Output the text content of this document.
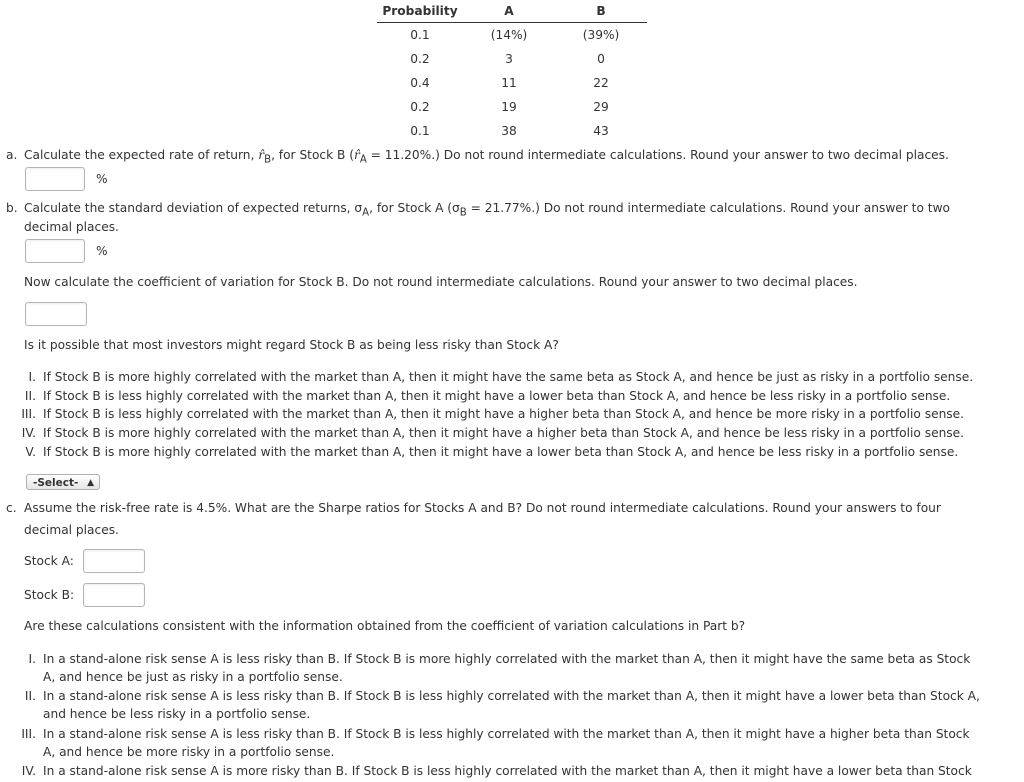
Probability	A	B
0.1	(14%)	(39%)
0.2	3	0
0.4	11	22
0.2	19	29
0.1	38	43
a. Calculate the expected rate of return, $r̂_B$, for Stock B $(r̂_A = 11.20\%.)$ Do not round intermediate calculations. Round your answer to two decimal places.
%
b. Calculate the standard deviation of expected returns, $\sigma_A$, for Stock A $(\sigma_B = 21.77\%.)$ Do not round intermediate calculations. Round your answer to two
decimal places.
%
Now calculate the coefficient of variation for Stock B. Do not round intermediate calculations. Round your answer to two decimal places.
Is it possible that most investors might regard Stock B as being less risky than Stock A?
I. If Stock B is more highly correlated with the market than A, then it might have the same beta as Stock A, and hence be just as risky in a portfolio sense.
II. If Stock B is less highly correlated with the market than A, then it might have a lower beta than Stock A, and hence be less risky in a portfolio sense.
III. If Stock B is less highly correlated with the market than A, then it might have a higher beta than Stock A, and hence be more risky in a portfolio sense.
IV. If Stock B is more highly correlated with the market than A, then it might have a higher beta than Stock A, and hence be less risky in a portfolio sense.
V. If Stock B is more highly correlated with the market than A, then it might have a lower beta than Stock A, and hence be less risky in a portfolio sense.
-Select- ▲︎

c. Assume the risk-free rate is 4.5%. What are the Sharpe ratios for Stocks A and B? Do not round intermediate calculations. Round your answers to four
decimal places.
Stock A:
Stock B:
Are these calculations consistent with the information obtained from the coefficient of variation calculations in Part b?
I. In a stand-alone risk sense A is less risky than B. If Stock B is more highly correlated with the market than A, then it might have the same beta as Stock
A, and hence be just as risky in a portfolio sense.
II. In a stand-alone risk sense A is less risky than B. If Stock B is less highly correlated with the market than A, then it might have a lower beta than Stock A,
and hence be less risky in a portfolio sense.
III. In a stand-alone risk sense A is less risky than B. If Stock B is less highly correlated with the market than A, then it might have a higher beta than Stock
A, and hence be more risky in a portfolio sense.
IV. In a stand-alone risk sense A is more risky than B. If Stock B is less highly correlated with the market than A, then it might have a lower beta than Stock
